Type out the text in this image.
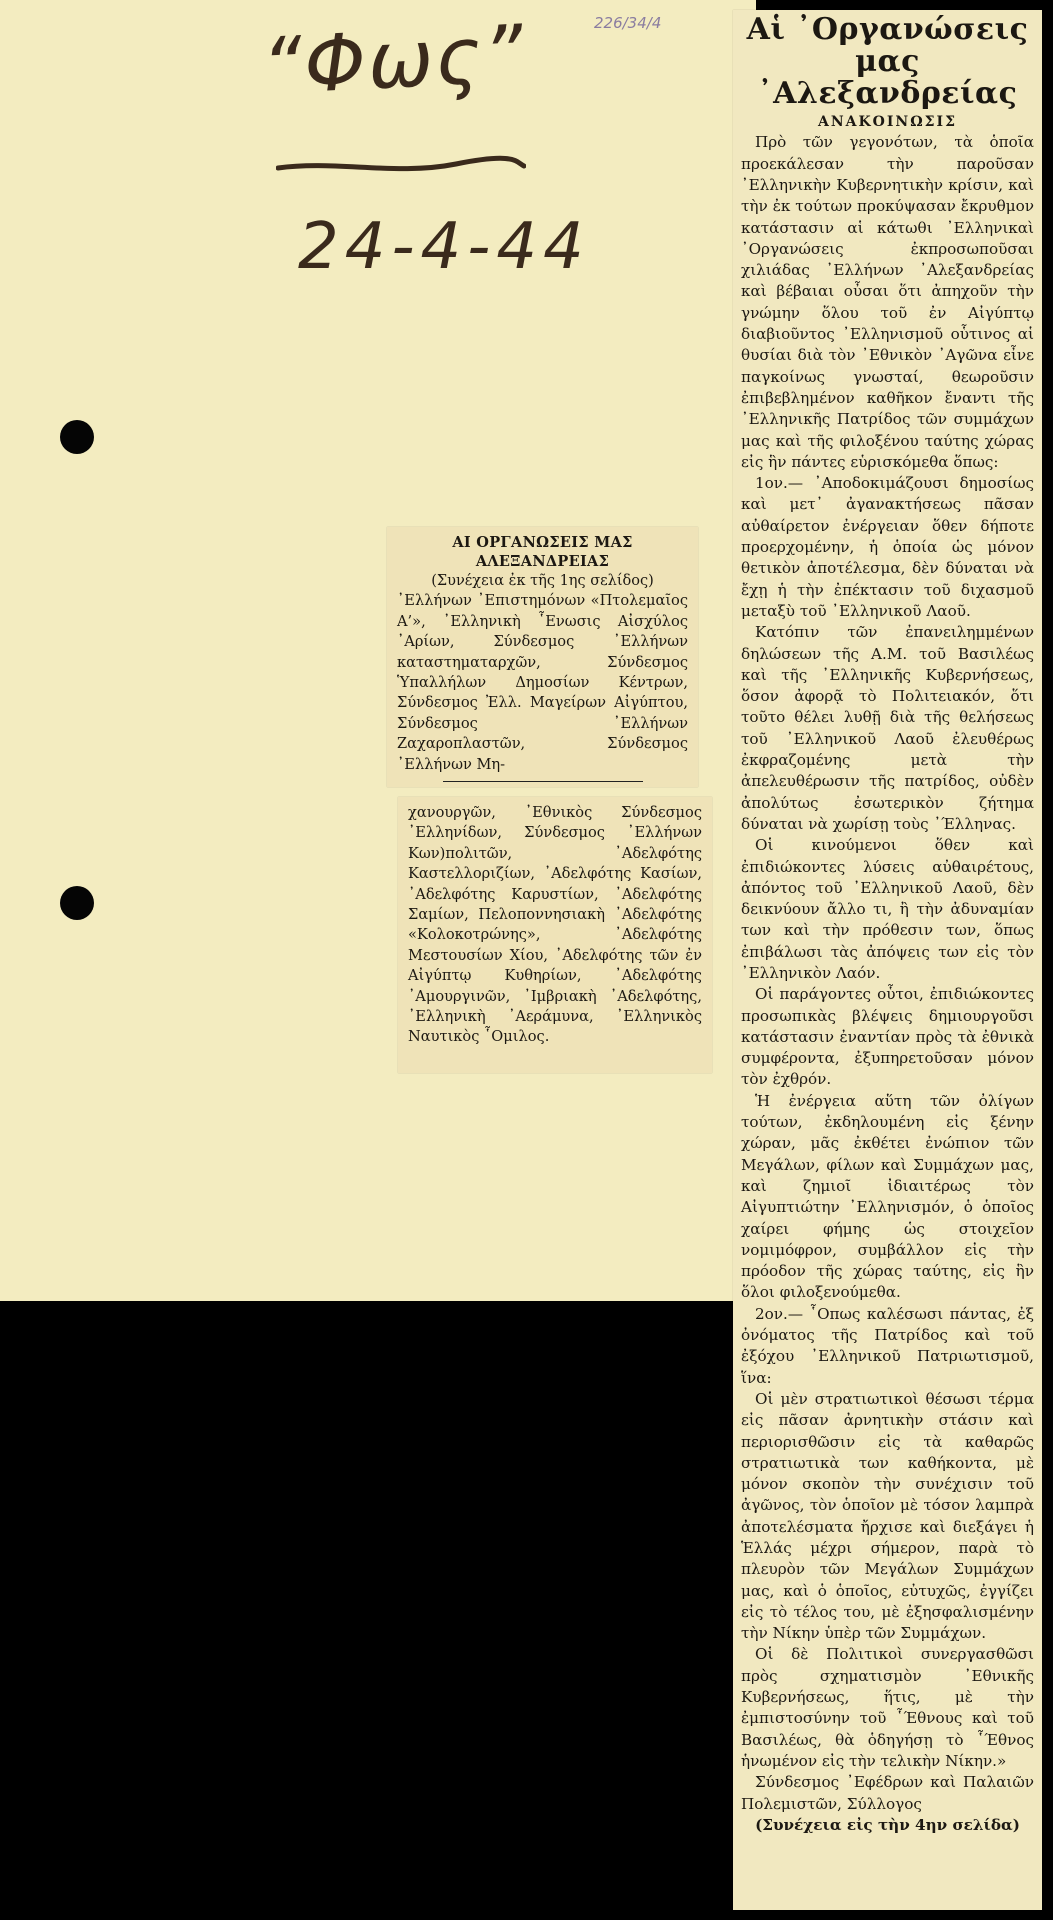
“Φως”
24-4-44
226/34/4
ΑΙ ΟΡΓΑΝΩΣΕΙΣ ΜΑΣ ΑΛΕΞΑΝΔΡΕΙΑΣ
(Συνέχεια ἐκ τῆς 1ης σελίδος)

᾿Ελλήνων ᾿Επιστημόνων «Πτολεμαῖος Α’», ᾿Ελληνικὴ ῟Ενωσις Αἰσχύλος ᾿Αρίων, Σύνδεσμος ᾿Ελλήνων καταστηματαρχῶν, Σύνδεσμος Ὑπαλλήλων Δημοσίων Κέντρων, Σύνδεσμος Ἐλλ. Μαγείρων Αἰγύπτου, Σύνδεσμος ᾿Ελλήνων Ζαχαροπλαστῶν, Σύνδεσμος ᾿Ελλήνων Μη-

χανουργῶν, ᾿Εθνικὸς Σύνδεσμος ᾿Ελληνίδων, Σύνδεσμος ᾿Ελλήνων Κων)πολιτῶν, ᾿Αδελφότης Καστελλοριζίων, ᾿Αδελφότης Κασίων, ᾿Αδελφότης Καρυστίων, ᾿Αδελφότης Σαμίων, Πελοποννησιακὴ ᾿Αδελφότης «Κολοκοτρώνης», ᾿Αδελφότης Μεστουσίων Χίου, ᾿Αδελφότης τῶν ἐν Αἰγύπτῳ Κυθηρίων, ᾿Αδελφότης ᾿Αμουργινῶν, ᾿Ιμβριακὴ ᾿Αδελφότης, ᾿Ελληνικὴ ᾿Αεράμυνα, ᾿Ελληνικὸς Ναυτικὸς ῟Ομιλος.

Αἱ ᾿Οργανώσεις μας ᾿Αλεξανδρείας
ΑΝΑΚΟΙΝΩΣΙΣ

Πρὸ τῶν γεγονότων, τὰ ὁποῖα προεκάλεσαν τὴν παροῦσαν ᾿Ελληνικὴν Κυβερνητικὴν κρίσιν, καὶ τὴν ἐκ τούτων προκύψασαν ἔκρυθμον κατάστασιν αἱ κάτωθι ᾿Ελληνικαὶ ᾿Οργανώσεις ἐκπροσωποῦσαι χιλιάδας ᾿Ελλήνων ᾿Αλεξανδρείας καὶ βέβαιαι οὖσαι ὅτι ἀπηχοῦν τὴν γνώμην ὅλου τοῦ ἐν Αἰγύπτῳ διαβιοῦντος ᾿Ελληνισμοῦ οὗτινος αἱ θυσίαι διὰ τὸν ᾿Εθνικὸν ᾿Αγῶνα εἶνε παγκοίνως γνωσταί, θεωροῦσιν ἐπιβεβλημένον καθῆκον ἔναντι τῆς ᾿Ελληνικῆς Πατρίδος τῶν συμμάχων μας καὶ τῆς φιλοξένου ταύτης χώρας εἰς ἣν πάντες εὑρισκόμεθα ὅπως:

1ον.— ᾿Αποδοκιμάζουσι δημοσίως καὶ μετ᾿ ἀγανακτήσεως πᾶσαν αὐθαίρετον ἐνέργειαν ὅθεν δήποτε προερχομένην, ἡ ὁποία ὡς μόνον θετικὸν ἀποτέλεσμα, δὲν δύναται νὰ ἔχῃ ἡ τὴν ἐπέκτασιν τοῦ διχασμοῦ μεταξὺ τοῦ ᾿Ελληνικοῦ Λαοῦ.

Κατόπιν τῶν ἐπανειλημμένων δηλώσεων τῆς Α.Μ. τοῦ Βασιλέως καὶ τῆς ᾿Ελληνικῆς Κυβερνήσεως, ὅσον ἀφορᾷ τὸ Πολιτειακόν, ὅτι τοῦτο θέλει λυθῇ διὰ τῆς θελήσεως τοῦ ᾿Ελληνικοῦ Λαοῦ ἐλευθέρως ἐκφραζομένης μετὰ τὴν ἀπελευθέρωσιν τῆς πατρίδος, οὐδὲν ἀπολύτως ἐσωτερικὸν ζήτημα δύναται νὰ χωρίσῃ τοὺς ᾿Έλληνας.

Οἱ κινούμενοι ὅθεν καὶ ἐπιδιώκοντες λύσεις αὐθαιρέτους, ἀπόντος τοῦ ᾿Ελληνικοῦ Λαοῦ, δὲν δεικνύουν ἄλλο τι, ἢ τὴν ἀδυναμίαν των καὶ τὴν πρόθεσιν των, ὅπως ἐπιβάλωσι τὰς ἀπόψεις των εἰς τὸν ᾿Ελληνικὸν Λαόν.

Οἱ παράγοντες οὗτοι, ἐπιδιώκοντες προσωπικὰς βλέψεις δημιουργοῦσι κατάστασιν ἐναντίαν πρὸς τὰ ἐθνικὰ συμφέροντα, ἐξυπηρετοῦσαν μόνον τὸν ἐχθρόν.

Ἡ ἐνέργεια αὕτη τῶν ὀλίγων τούτων, ἐκδηλουμένη εἰς ξένην χώραν, μᾶς ἐκθέτει ἐνώπιον τῶν Μεγάλων, φίλων καὶ Συμμάχων μας, καὶ ζημιοῖ ἰδιαιτέρως τὸν Αἰγυπτιώτην ᾿Ελληνισμόν, ὁ ὁποῖος χαίρει φήμης ὡς στοιχεῖον νομιμόφρον, συμβάλλον εἰς τὴν πρόοδον τῆς χώρας ταύτης, εἰς ἣν ὅλοι φιλοξενούμεθα.

2ον.— ῟Οπως καλέσωσι πάντας, ἐξ ὀνόματος τῆς Πατρίδος καὶ τοῦ ἐξόχου ᾿Ελληνικοῦ Πατριωτισμοῦ, ἵνα:

Οἱ μὲν στρατιωτικοὶ θέσωσι τέρμα εἰς πᾶσαν ἀρνητικὴν στάσιν καὶ περιορισθῶσιν εἰς τὰ καθαρῶς στρατιωτικὰ των καθήκοντα, μὲ μόνον σκοπὸν τὴν συνέχισιν τοῦ ἀγῶνος, τὸν ὁποῖον μὲ τόσον λαμπρὰ ἀποτελέσματα ἤρχισε καὶ διεξάγει ἡ Ἑλλάς μέχρι σήμερον, παρὰ τὸ πλευρὸν τῶν Μεγάλων Συμμάχων μας, καὶ ὁ ὁποῖος, εὐτυχῶς, ἐγγίζει εἰς τὸ τέλος του, μὲ ἐξησφαλισμένην τὴν Νίκην ὑπὲρ τῶν Συμμάχων.

Οἱ δὲ Πολιτικοὶ συνεργασθῶσι πρὸς σχηματισμὸν ᾿Εθνικῆς Κυβερνήσεως, ἥτις, μὲ τὴν ἐμπιστοσύνην τοῦ ῟Έθνους καὶ τοῦ Βασιλέως, θὰ ὁδηγήσῃ τὸ ῟Έθνος ἡνωμένον εἰς τὴν τελικὴν Νίκην.»

Σύνδεσμος ᾿Εφέδρων καὶ Παλαιῶν Πολεμιστῶν, Σύλλογος

(Συνέχεια εἰς τὴν 4ην σελίδα)
